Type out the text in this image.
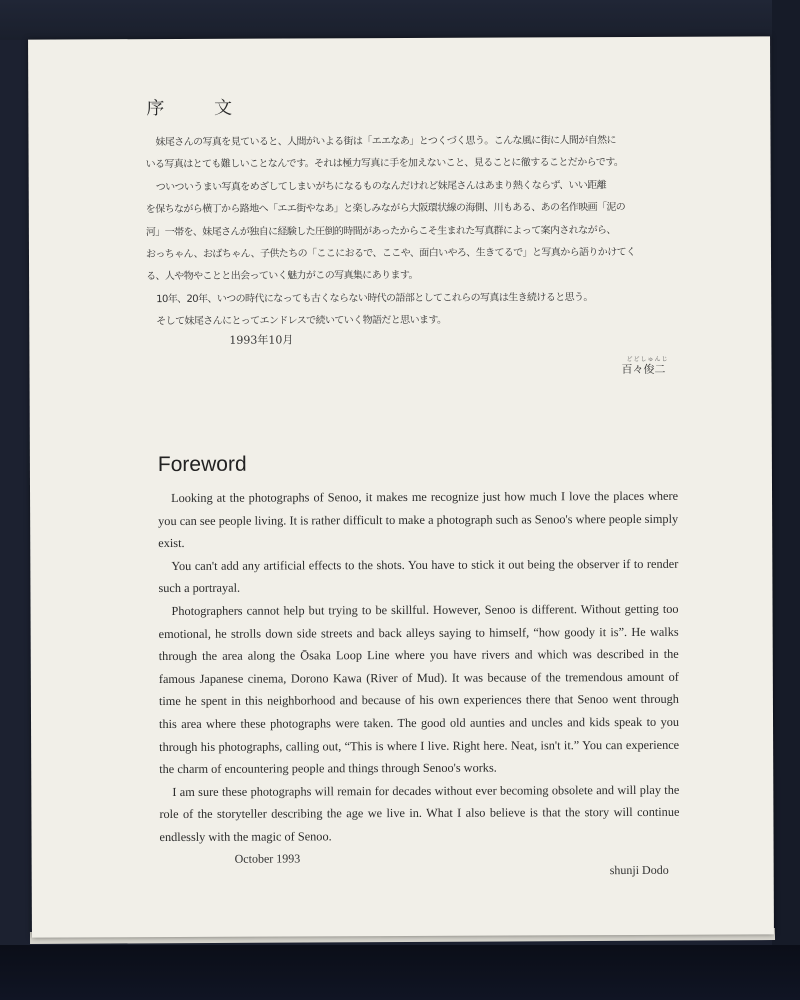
序 文
妹尾さんの写真を見ていると、人間がいよる街は「エエなあ」とつくづく思う。こんな風に街に人間が自然に
いる写真はとても難しいことなんです。それは極力写真に手を加えないこと、見ることに徹することだからです。
ついついうまい写真をめざしてしまいがちになるものなんだけれど妹尾さんはあまり熱くならず、いい距離
を保ちながら横丁から路地へ「エエ街やなあ」と楽しみながら大阪環状線の海側、川もある、あの名作映画「泥の
河」一帯を、妹尾さんが独自に経験した圧倒的時間があったからこそ生まれた写真群によって案内されながら、
おっちゃん、おばちゃん、子供たちの「ここにおるで、ここや、面白いやろ、生きてるで」と写真から語りかけてく
る、人や物やことと出会っていく魅力がこの写真集にあります。
10年、20年、いつの時代になっても古くならない時代の語部としてこれらの写真は生き続けると思う。
そして妹尾さんにとってエンドレスで続いていく物語だと思います。
1993年10月
どどしゅんじ
百々俊二
Foreword

Looking at the photographs of Senoo, it makes me recognize just how much I love the places where you can see people living. It is rather difficult to make a photograph such as Senoo's where people simply exist.

You can't add any artificial effects to the shots. You have to stick it out being the observer if to render such a portrayal.

Photographers cannot help but trying to be skillful. However, Senoo is different. Without getting too emotional, he strolls down side streets and back alleys saying to himself, “how goody it is”. He walks through the area along the Ōsaka Loop Line where you have rivers and which was described in the famous Japanese cinema, Dorono Kawa (River of Mud). It was because of the tremendous amount of time he spent in this neighborhood and because of his own experiences there that Senoo went through this area where these photographs were taken. The good old aunties and uncles and kids speak to you through his photographs, calling out, “This is where I live. Right here. Neat, isn't it.” You can experience the charm of encountering people and things through Senoo's works.

I am sure these photographs will remain for decades without ever becoming obsolete and will play the role of the storyteller describing the age we live in. What I also believe is that the story will continue endlessly with the magic of Senoo.

October 1993
shunji Dodo
